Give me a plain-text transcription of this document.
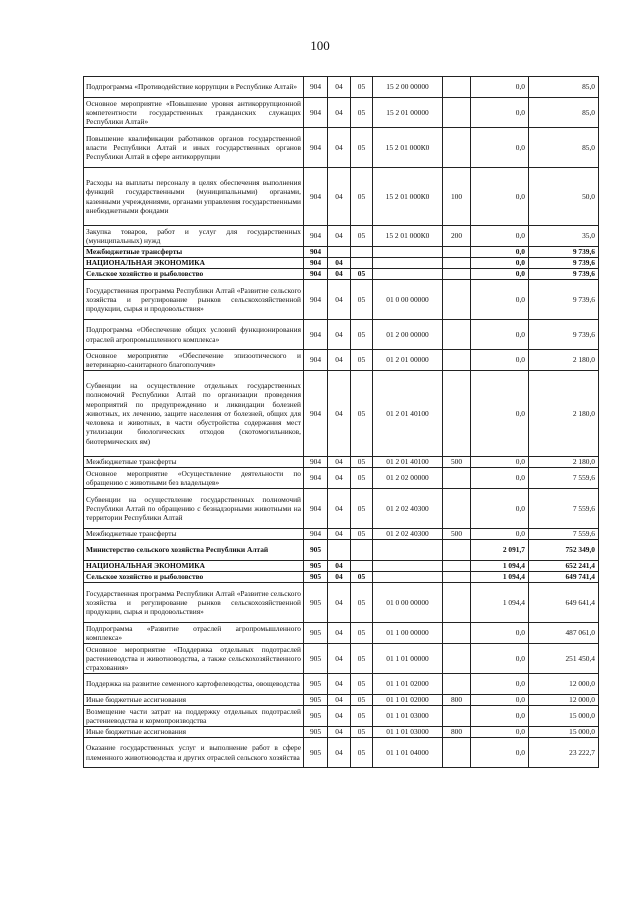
100
Подпрограмма «Противодействие коррупции в Республике Алтай»	904	04	05	15 2 00 00000		0,0	85,0
Основное мероприятие «Повышение уровня антикоррупционной компетентности государственных гражданских служащих Республики Алтай»	904	04	05	15 2 01 00000		0,0	85,0
Повышение квалификации работников органов государственной власти Республики Алтай и иных государственных органов Республики Алтай в сфере антикоррупции	904	04	05	15 2 01 000К0		0,0	85,0
Расходы на выплаты персоналу в целях обеспечения выполнения функций государственными (муниципальными) органами, казенными учреждениями, органами управления государственными внебюджетными фондами	904	04	05	15 2 01 000К0	100	0,0	50,0
Закупка товаров, работ и услуг для государственных (муниципальных) нужд	904	04	05	15 2 01 000К0	200	0,0	35,0
Межбюджетные трансферты	904					0,0	9 739,6
НАЦИОНАЛЬНАЯ ЭКОНОМИКА	904	04				0,0	9 739,6
Сельское хозяйство и рыболовство	904	04	05			0,0	9 739,6
Государственная программа Республики Алтай «Развитие сельского хозяйства и регулирование рынков сельскохозяйственной продукции, сырья и продовольствия»	904	04	05	01 0 00 00000		0,0	9 739,6
Подпрограмма «Обеспечение общих условий функционирования отраслей агропромышленного комплекса»	904	04	05	01 2 00 00000		0,0	9 739,6
Основное мероприятие «Обеспечение эпизоотического и ветеринарно-санитарного благополучия»	904	04	05	01 2 01 00000		0,0	2 180,0
Субвенции на осуществление отдельных государственных полномочий Республики Алтай по организации проведения мероприятий по предупреждению и ликвидации болезней животных, их лечению, защите населения от болезней, общих для человека и животных, в части обустройства содержания мест утилизации биологических отходов (скотомогильников, биотермических ям)	904	04	05	01 2 01 40100		0,0	2 180,0
Межбюджетные трансферты	904	04	05	01 2 01 40100	500	0,0	2 180,0
Основное мероприятие «Осуществление деятельности по обращению с животными без владельцев»	904	04	05	01 2 02 00000		0,0	7 559,6
Субвенции на осуществление государственных полномочий Республики Алтай по обращению с безнадзорными животными на территории Республики Алтай	904	04	05	01 2 02 40300		0,0	7 559,6
Межбюджетные трансферты	904	04	05	01 2 02 40300	500	0,0	7 559,6
Министерство сельского хозяйства Республики Алтай	905					2 091,7	752 349,0
НАЦИОНАЛЬНАЯ ЭКОНОМИКА	905	04				1 094,4	652 241,4
Сельское хозяйство и рыболовство	905	04	05			1 094,4	649 741,4
Государственная программа Республики Алтай «Развитие сельского хозяйства и регулирование рынков сельскохозяйственной продукции, сырья и продовольствия»	905	04	05	01 0 00 00000		1 094,4	649 641,4
Подпрограмма «Развитие отраслей агропромышленного комплекса»	905	04	05	01 1 00 00000		0,0	487 061,0
Основное мероприятие «Поддержка отдельных подотраслей растениеводства и животноводства, а также сельскохозяйственного страхования»	905	04	05	01 1 01 00000		0,0	251 450,4
Поддержка на развитие семенного картофелеводства, овощеводства	905	04	05	01 1 01 02000		0,0	12 000,0
Иные бюджетные ассигнования	905	04	05	01 1 01 02000	800	0,0	12 000,0
Возмещение части затрат на поддержку отдельных подотраслей растениеводства и кормопроизводства	905	04	05	01 1 01 03000		0,0	15 000,0
Иные бюджетные ассигнования	905	04	05	01 1 01 03000	800	0,0	15 000,0
Оказание государственных услуг и выполнение работ в сфере племенного животноводства и других отраслей сельского хозяйства	905	04	05	01 1 01 04000		0,0	23 222,7
